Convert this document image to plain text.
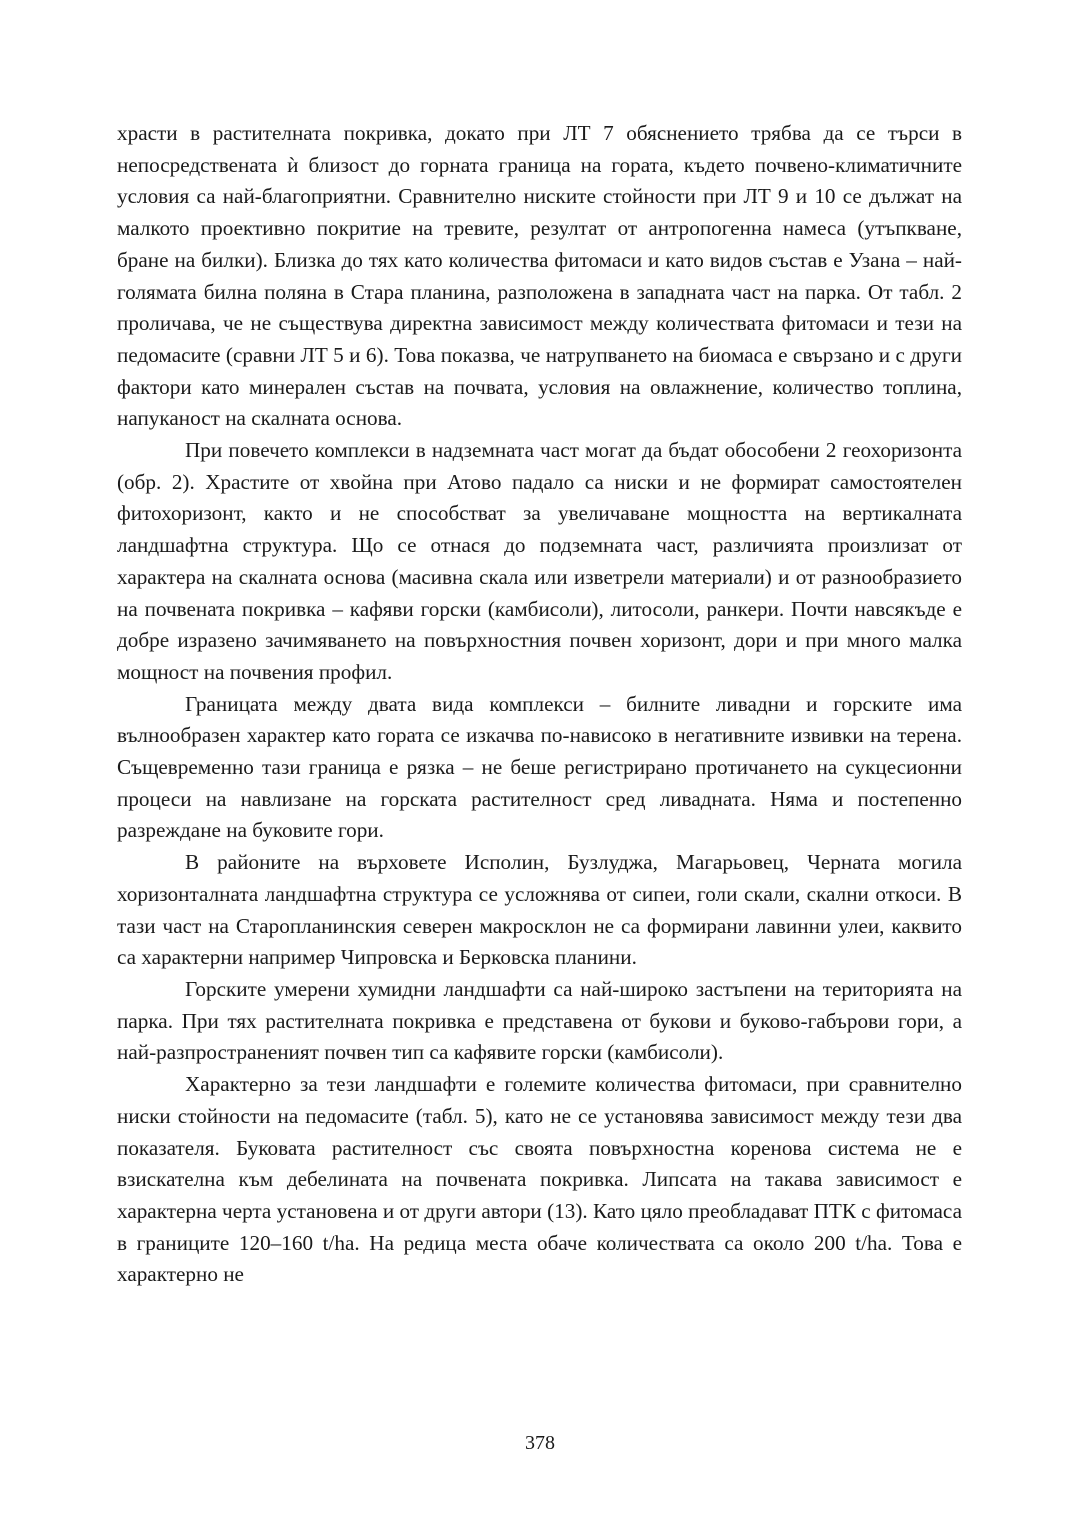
храсти в растителната покривка, докато при ЛТ 7 обяснението трябва да се търси в непосредствената ѝ близост до горната граница на гората, където почвено-климатичните условия са най-благоприятни. Сравнително ниските стойности при ЛТ 9 и 10 се дължат на малкото проективно покритие на тревите, резултат от антропогенна намеса (утъпкване, бране на билки). Близка до тях като количества фитомаси и като видов състав е Узана – най-голямата билна поляна в Стара планина, разположена в западната част на парка. От табл. 2 проличава, че не съществува директна зависимост между количествата фитомаси и тези на педомасите (сравни ЛТ 5 и 6). Това показва, че натрупването на биомаса е свързано и с други фактори като минерален състав на почвата, условия на овлажнение, количество топлина, напуканост на скалната основа.

При повечето комплекси в надземната част могат да бъдат обособени 2 геохоризонта (обр. 2). Храстите от хвойна при Атово падало са ниски и не формират самостоятелен фитохоризонт, както и не способстват за увеличаване мощността на вертикалната ландшафтна структура. Що се отнася до подземната част, различията произлизат от характера на скалната основа (масивна скала или изветрели материали) и от разнообразието на почвената покривка – кафяви горски (камбисоли), литосоли, ранкери. Почти навсякъде е добре изразено зачимяването на повърхностния почвен хоризонт, дори и при много малка мощност на почвения профил.

Границата между двата вида комплекси – билните ливадни и горските има вълнообразен характер като гората се изкачва по-нависоко в негативните извивки на терена. Същевременно тази граница е рязка – не беше регистрирано протичането на сукцесионни процеси на навлизане на горската растителност сред ливадната. Няма и постепенно разреждане на буковите гори.

В районите на върховете Исполин, Бузлуджа, Магарьовец, Черната могила хоризонталната ландшафтна структура се усложнява от сипеи, голи скали, скални откоси. В тази част на Старопланинския северен макросклон не са формирани лавинни улеи, каквито са характерни например Чипровска и Берковска планини.

Горските умерени хумидни ландшафти са най-широко застъпени на територията на парка. При тях растителната покривка е представена от букови и буково-габърови гори, а най-разпространеният почвен тип са кафявите горски (камбисоли).

Характерно за тези ландшафти е големите количества фитомаси, при сравнително ниски стойности на педомасите (табл. 5), като не се установява зависимост между тези два показателя. Буковата растителност със своята повърхностна коренова система не е взискателна към дебелината на почвената покривка. Липсата на такава зависимост е характерна черта установена и от други автори (13). Като цяло преобладават ПТК с фитомаса в границите 120–160 t/ha. На редица места обаче количествата са около 200 t/ha. Това е характерно не

378
